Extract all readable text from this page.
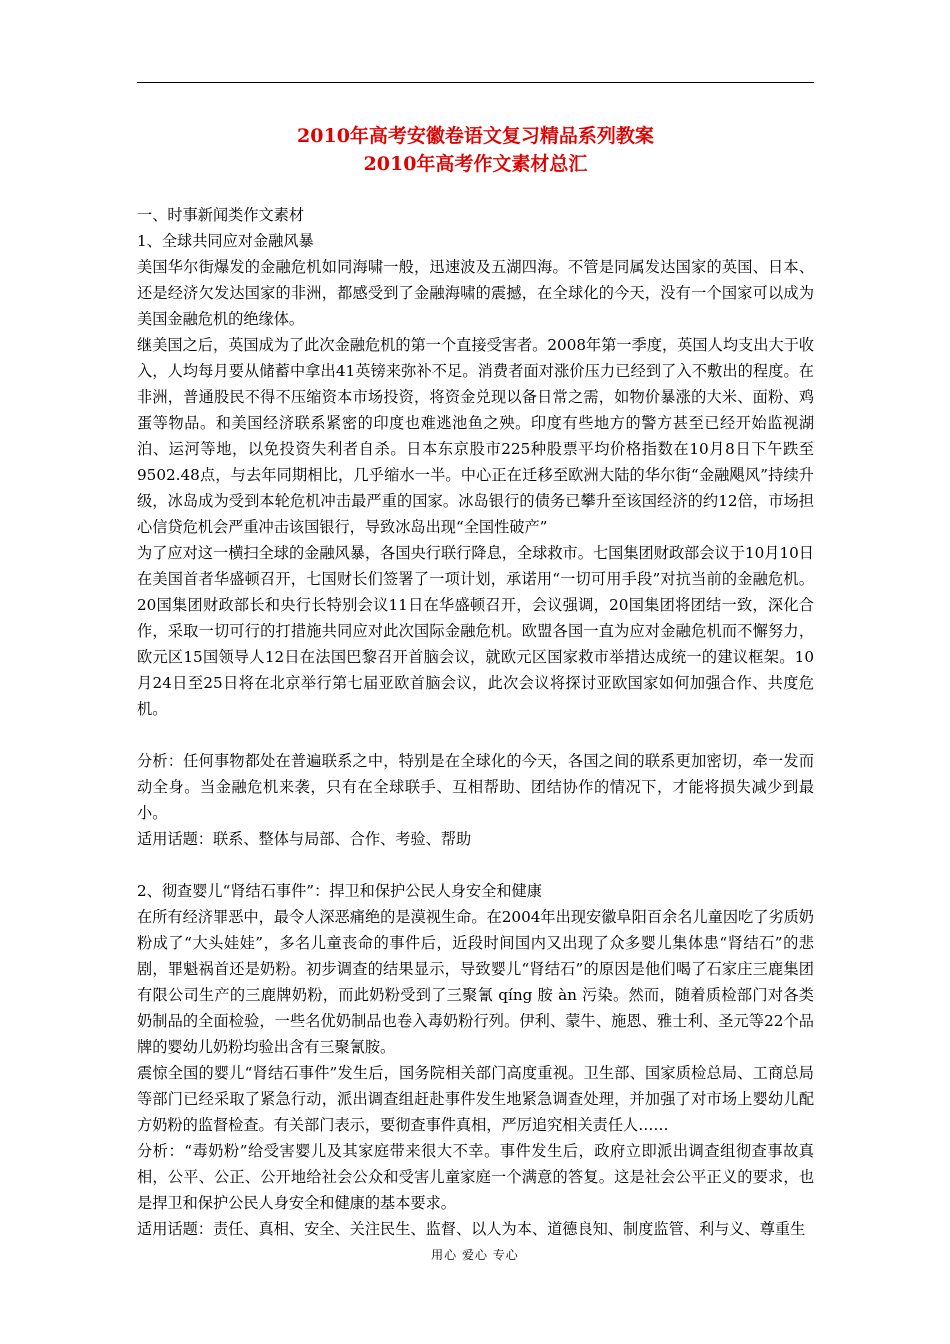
2010年高考安徽卷语文复习精品系列教案
2010年高考作文素材总汇

一、时事新闻类作文素材

1、全球共同应对金融风暴

美国华尔街爆发的金融危机如同海啸一般，迅速波及五湖四海。不管是同属发达国家的英国、日本、还是经济欠发达国家的非洲，都感受到了金融海啸的震撼，在全球化的今天，没有一个国家可以成为美国金融危机的绝缘体。

继美国之后，英国成为了此次金融危机的第一个直接受害者。2008年第一季度，英国人均支出大于收入，人均每月要从储蓄中拿出41英镑来弥补不足。消费者面对涨价压力已经到了入不敷出的程度。在非洲，普通股民不得不压缩资本市场投资，将资金兑现以备日常之需，如物价暴涨的大米、面粉、鸡蛋等物品。和美国经济联系紧密的印度也难逃池鱼之殃。印度有些地方的警方甚至已经开始监视湖泊、运河等地，以免投资失利者自杀。日本东京股市225种股票平均价格指数在10月8日下午跌至9502.48点，与去年同期相比，几乎缩水一半。中心正在迁移至欧洲大陆的华尔街“金融飓风”持续升级，冰岛成为受到本轮危机冲击最严重的国家。冰岛银行的债务已攀升至该国经济的约12倍，市场担心信贷危机会严重冲击该国银行，导致冰岛出现“全国性破产”

为了应对这一横扫全球的金融风暴，各国央行联行降息，全球救市。七国集团财政部会议于10月10日在美国首者华盛顿召开，七国财长们签署了一项计划，承诺用“一切可用手段”对抗当前的金融危机。20国集团财政部长和央行长特别会议11日在华盛顿召开，会议强调，20国集团将团结一致，深化合作，采取一切可行的打措施共同应对此次国际金融危机。欧盟各国一直为应对金融危机而不懈努力，欧元区15国领导人12日在法国巴黎召开首脑会议，就欧元区国家救市举措达成统一的建议框架。10月24日至25日将在北京举行第七届亚欧首脑会议，此次会议将探讨亚欧国家如何加强合作、共度危机。

分析：任何事物都处在普遍联系之中，特别是在全球化的今天，各国之间的联系更加密切，牵一发而动全身。当金融危机来袭，只有在全球联手、互相帮助、团结协作的情况下，才能将损失减少到最小。

适用话题：联系、整体与局部、合作、考验、帮助

2、彻查婴儿“肾结石事件”：捍卫和保护公民人身安全和健康

在所有经济罪恶中，最令人深恶痛绝的是漠视生命。在2004年出现安徽阜阳百余名儿童因吃了劣质奶粉成了“大头娃娃”，多名儿童丧命的事件后，近段时间国内又出现了众多婴儿集体患“肾结石”的悲剧，罪魁祸首还是奶粉。初步调查的结果显示，导致婴儿“肾结石”的原因是他们喝了石家庄三鹿集团有限公司生产的三鹿牌奶粉，而此奶粉受到了三聚氰 qíng 胺 àn 污染。然而，随着质检部门对各类奶制品的全面检验，一些名优奶制品也卷入毒奶粉行列。伊利、蒙牛、施恩、雅士利、圣元等22个品牌的婴幼儿奶粉均验出含有三聚氰胺。

震惊全国的婴儿“肾结石事件”发生后，国务院相关部门高度重视。卫生部、国家质检总局、工商总局等部门已经采取了紧急行动，派出调查组赶赴事件发生地紧急调查处理，并加强了对市场上婴幼儿配方奶粉的监督检查。有关部门表示，要彻查事件真相，严厉追究相关责任人……

分析：“毒奶粉”给受害婴儿及其家庭带来很大不幸。事件发生后，政府立即派出调查组彻查事故真相，公平、公正、公开地给社会公众和受害儿童家庭一个满意的答复。这是社会公平正义的要求，也是捍卫和保护公民人身安全和健康的基本要求。

适用话题：责任、真相、安全、关注民生、监督、以人为本、道德良知、制度监管、利与义、尊重生

用心 爱心 专心
